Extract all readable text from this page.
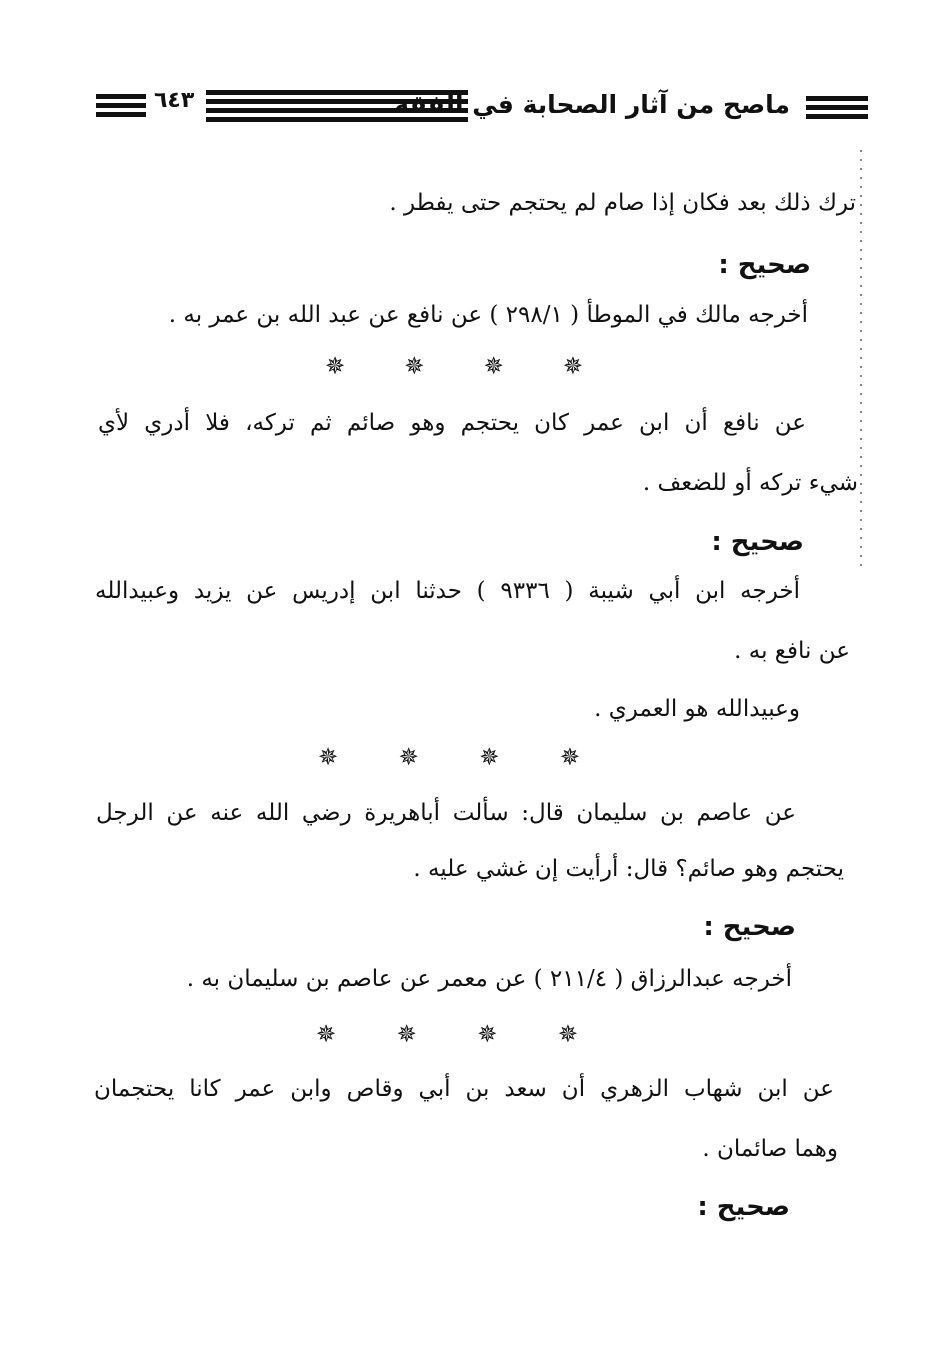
٦٤٣	ماصح من آثار الصحابة في الفقه
ترك ذلك بعد فكان إذا صام لم يحتجم حتى يفطر .
صحيح :
أخرجه مالك في الموطأ ( ٢٩٨/١ ) عن نافع عن عبد الله بن عمر به .
✵ ✵ ✵ ✵
عن نافع أن ابن عمر كان يحتجم وهو صائم ثم تركه، فلا أدري لأي
شيء تركه أو للضعف .
صحيح :
أخرجه ابن أبي شيبة ( ٩٣٣٦ ) حدثنا ابن إدريس عن يزيد وعبيدالله
عن نافع به .
وعبيدالله هو العمري .
✵	✵	✵	✵
عن عاصم بن سليمان قال: سألت أباهريرة رضي الله عنه عن الرجل
يحتجم وهو صائم؟ قال: أرأيت إن غشي عليه .
صحيح :
أخرجه عبدالرزاق ( ٢١١/٤ ) عن معمر عن عاصم بن سليمان به .
✵	✵	✵	✵
عن ابن شهاب الزهري أن سعد بن أبي وقاص وابن عمر كانا يحتجمان
وهما صائمان .
صحيح :
